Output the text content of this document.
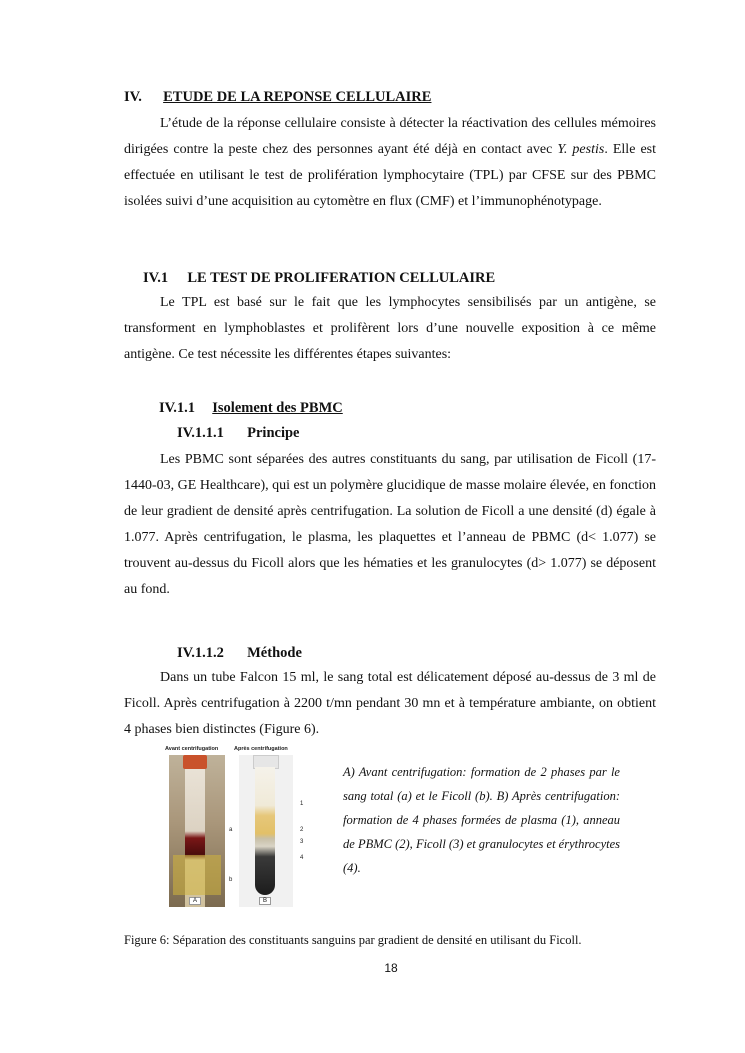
IV. ETUDE DE LA REPONSE CELLULAIRE
L’étude de la réponse cellulaire consiste à détecter la réactivation des cellules mémoires dirigées contre la peste chez des personnes ayant été déjà en contact avec Y. pestis. Elle est effectuée en utilisant le test de prolifération lymphocytaire (TPL) par CFSE sur des PBMC isolées suivi d’une acquisition au cytomètre en flux (CMF) et l’immunophénotypage.
IV.1 LE TEST DE PROLIFERATION CELLULAIRE
Le TPL est basé sur le fait que les lymphocytes sensibilisés par un antigène, se transforment en lymphoblastes et prolifèrent lors d’une nouvelle exposition à ce même antigène. Ce test nécessite les différentes étapes suivantes:
IV.1.1 Isolement des PBMC
IV.1.1.1 Principe
Les PBMC sont séparées des autres constituants du sang, par utilisation de Ficoll (17-1440-03, GE Healthcare), qui est un polymère glucidique de masse molaire élevée, en fonction de leur gradient de densité après centrifugation. La solution de Ficoll a une densité (d) égale à 1.077. Après centrifugation, le plasma, les plaquettes et l’anneau de PBMC (d< 1.077) se trouvent au-dessus du Ficoll alors que les hématies et les granulocytes (d> 1.077) se déposent au fond.
IV.1.1.2 Méthode
Dans un tube Falcon 15 ml, le sang total est délicatement déposé au-dessus de 3 ml de Ficoll. Après centrifugation à 2200 t/mn pendant 30 mn et à température ambiante, on obtient 4 phases bien distinctes (Figure 6).
Avant centrifugation	Après centrifugation
A
a
b
B
1
2
3
4
A) Avant centrifugation: formation de 2 phases par le sang total (a) et le Ficoll (b). B) Après centrifugation: formation de 4 phases formées de plasma (1), anneau de PBMC (2), Ficoll (3) et granulocytes et érythrocytes (4).
Figure 6: Séparation des constituants sanguins par gradient de densité en utilisant du Ficoll.
18
